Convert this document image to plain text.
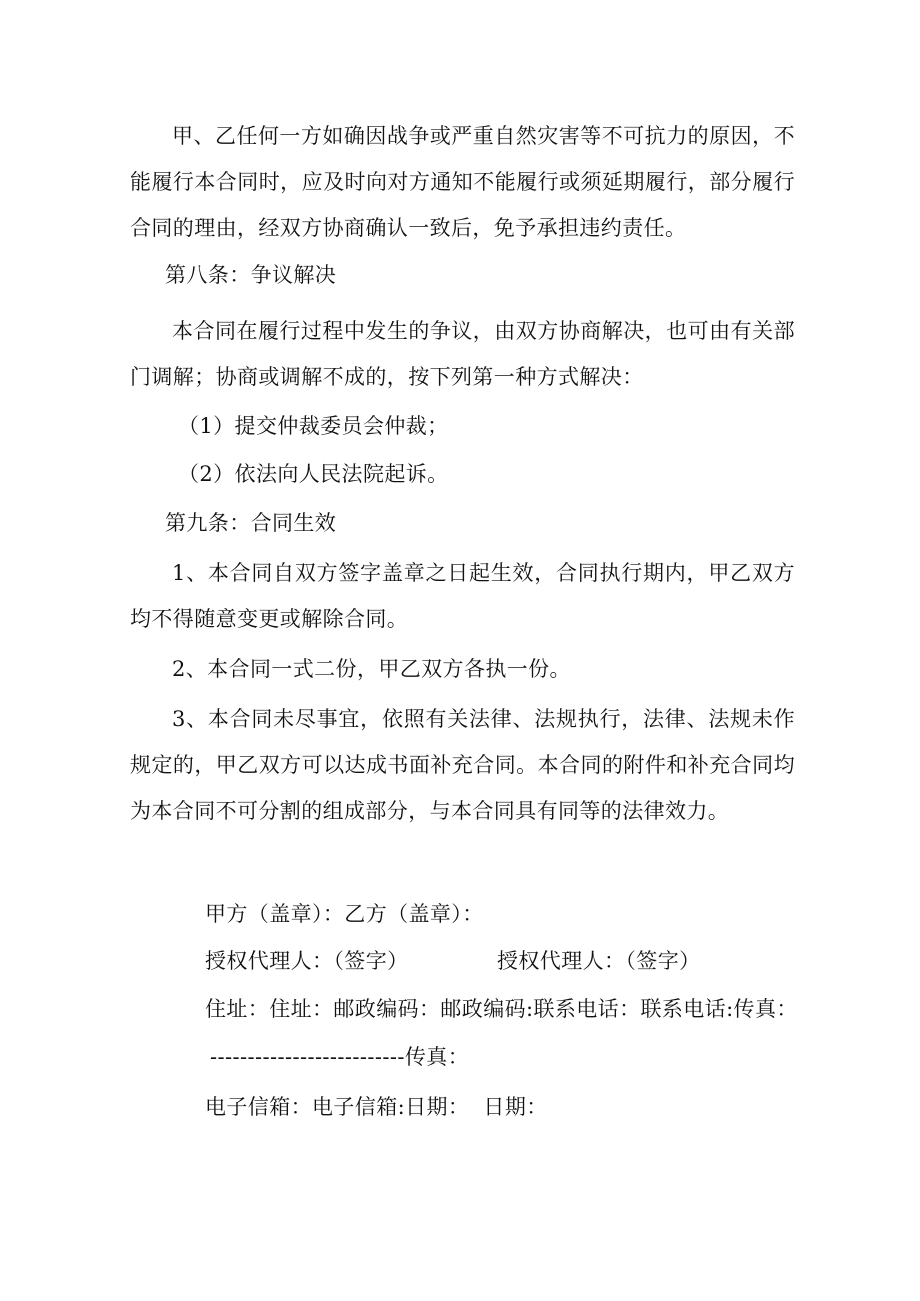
甲、乙任何一方如确因战争或严重自然灾害等不可抗力的原因，不能履行本合同时，应及时向对方通知不能履行或须延期履行，部分履行合同的理由，经双方协商确认一致后，免予承担违约责任。

第八条：争议解决

本合同在履行过程中发生的争议，由双方协商解决，也可由有关部门调解；协商或调解不成的，按下列第一种方式解决：

（1）提交仲裁委员会仲裁；

（2）依法向人民法院起诉。

第九条：合同生效

1、本合同自双方签字盖章之日起生效，合同执行期内，甲乙双方均不得随意变更或解除合同。

2、本合同一式二份，甲乙双方各执一份。

3、本合同未尽事宜，依照有关法律、法规执行，法律、法规未作规定的，甲乙双方可以达成书面补充合同。本合同的附件和补充合同均为本合同不可分割的组成部分，与本合同具有同等的法律效力。

甲方（盖章）：乙方（盖章）：

授权代理人：（签字）	授权代理人：（签字）

住址：住址：邮政编码：邮政编码:联系电话：联系电话:传真：

--------------------------传真：

电子信箱：电子信箱:日期：  日期：
